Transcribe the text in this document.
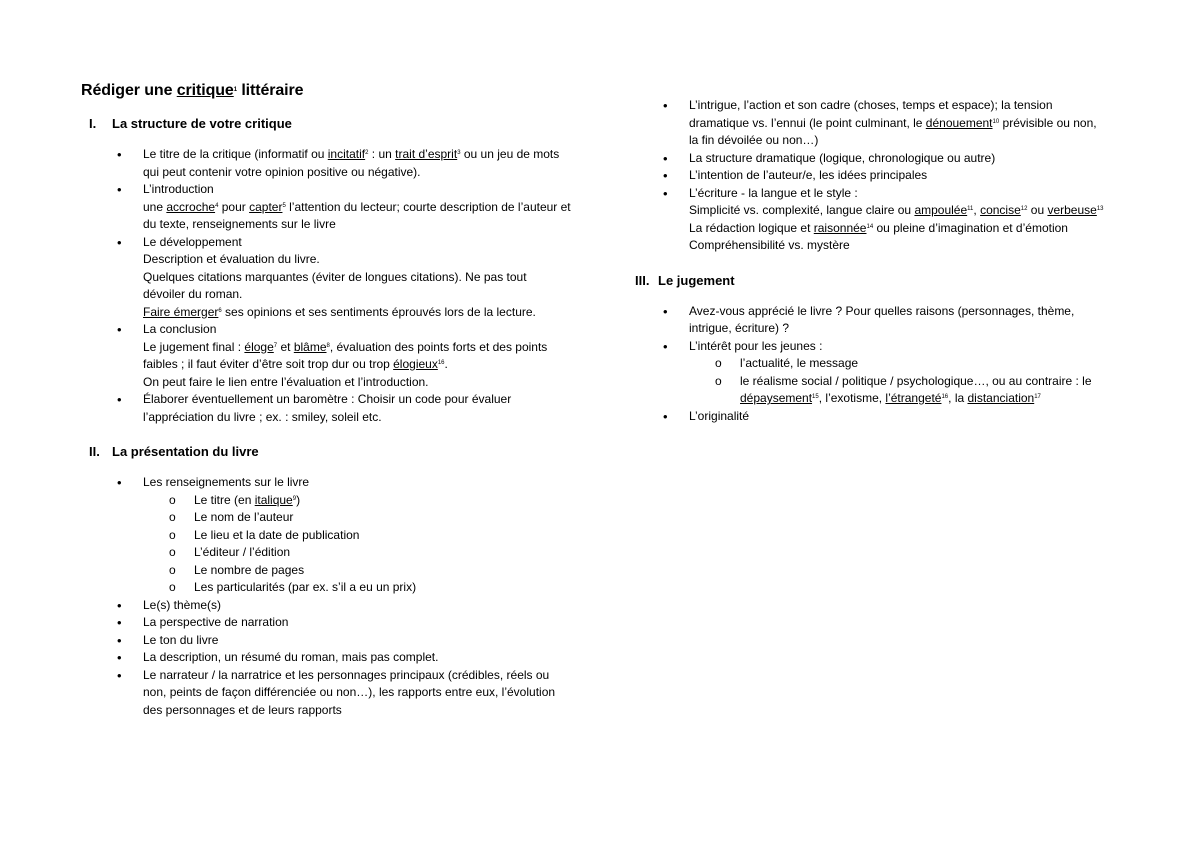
Rédiger une critique$^1$ littéraire
I. La structure de votre critique
• Le titre de la critique (informatif ou incitatif$^2$ : un trait d’esprit$^3$ ou un jeu de mots qui peut contenir votre opinion positive ou négative).
• L’introduction
une accroche$^4$ pour capter$^5$ l’attention du lecteur; courte description de l’auteur et du texte, renseignements sur le livre
• Le développement
Description et évaluation du livre.
Quelques citations marquantes (éviter de longues citations). Ne pas tout dévoiler du roman.
Faire émerger$^6$ ses opinions et ses sentiments éprouvés lors de la lecture.
• La conclusion
Le jugement final : éloge$^7$ et blâme$^8$, évaluation des points forts et des points faibles ; il faut éviter d’être soit trop dur ou trop élogieux$^{16}$.
On peut faire le lien entre l’évaluation et l’introduction.
• Élaborer éventuellement un baromètre : Choisir un code pour évaluer l’appréciation du livre ; ex. : smiley, soleil etc.
II. La présentation du livre
• Les renseignements sur le livre
o Le titre (en italique$^9$)
o Le nom de l’auteur
o Le lieu et la date de publication
o L’éditeur / l’édition
o Le nombre de pages
o Les particularités (par ex. s’il a eu un prix)
• Le(s) thème(s)
• La perspective de narration
• Le ton du livre
• La description, un résumé du roman, mais pas complet.
• Le narrateur / la narratrice et les personnages principaux (crédibles, réels ou non, peints de façon différenciée ou non…), les rapports entre eux, l’évolution des personnages et de leurs rapports
• L’intrigue, l’action et son cadre (choses, temps et espace); la tension dramatique vs. l’ennui (le point culminant, le dénouement$^{10}$ prévisible ou non, la fin dévoilée ou non…)
• La structure dramatique (logique, chronologique ou autre)
• L’intention de l’auteur/e, les idées principales
• L’écriture - la langue et le style :
Simplicité vs. complexité, langue claire ou ampoulée$^{11}$, concise$^{12}$ ou verbeuse$^{13}$
La rédaction logique et raisonnée$^{14}$ ou pleine d’imagination et d’émotion
Compréhensibilité vs. mystère
III. Le jugement
• Avez-vous apprécié le livre ? Pour quelles raisons (personnages, thème, intrigue, écriture) ?
• L’intérêt pour les jeunes :
o l’actualité, le message
o le réalisme social / politique / psychologique…, ou au contraire : le dépaysement$^{15}$, l’exotisme, l’étrangeté$^{16}$, la distanciation$^{17}$
• L’originalité
